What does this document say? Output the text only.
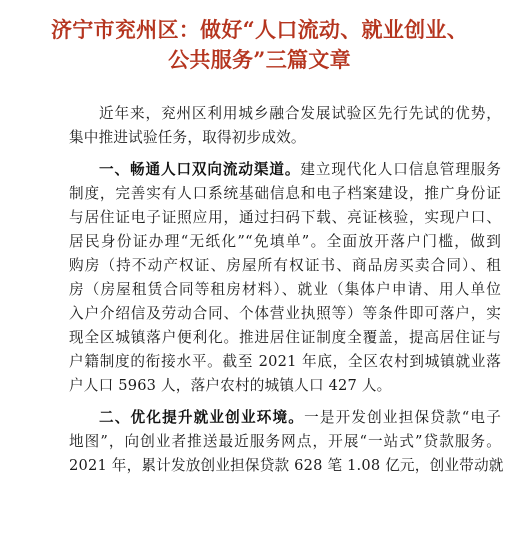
济宁市兖州区：做好“人口流动、就业创业、
公共服务”三篇文章
近年来，兖州区利用城乡融合发展试验区先行先试的优势，
集中推进试验任务，取得初步成效。
一、畅通人口双向流动渠道。建立现代化人口信息管理服务
制度，完善实有人口系统基础信息和电子档案建设，推广身份证
与居住证电子证照应用，通过扫码下载、亮证核验，实现户口、
居民身份证办理“无纸化”“免填单”。全面放开落户门槛，做到
购房（持不动产权证、房屋所有权证书、商品房买卖合同）、租
房（房屋租赁合同等租房材料）、就业（集体户申请、用人单位
入户介绍信及劳动合同、个体营业执照等）等条件即可落户，实
现全区城镇落户便利化。推进居住证制度全覆盖，提高居住证与
户籍制度的衔接水平。截至 2021 年底，全区农村到城镇就业落
户人口 5963 人，落户农村的城镇人口 427 人。
二、优化提升就业创业环境。一是开发创业担保贷款“电子
地图”，向创业者推送最近服务网点，开展“一站式”贷款服务。
2021 年，累计发放创业担保贷款 628 笔 1.08 亿元，创业带动就
